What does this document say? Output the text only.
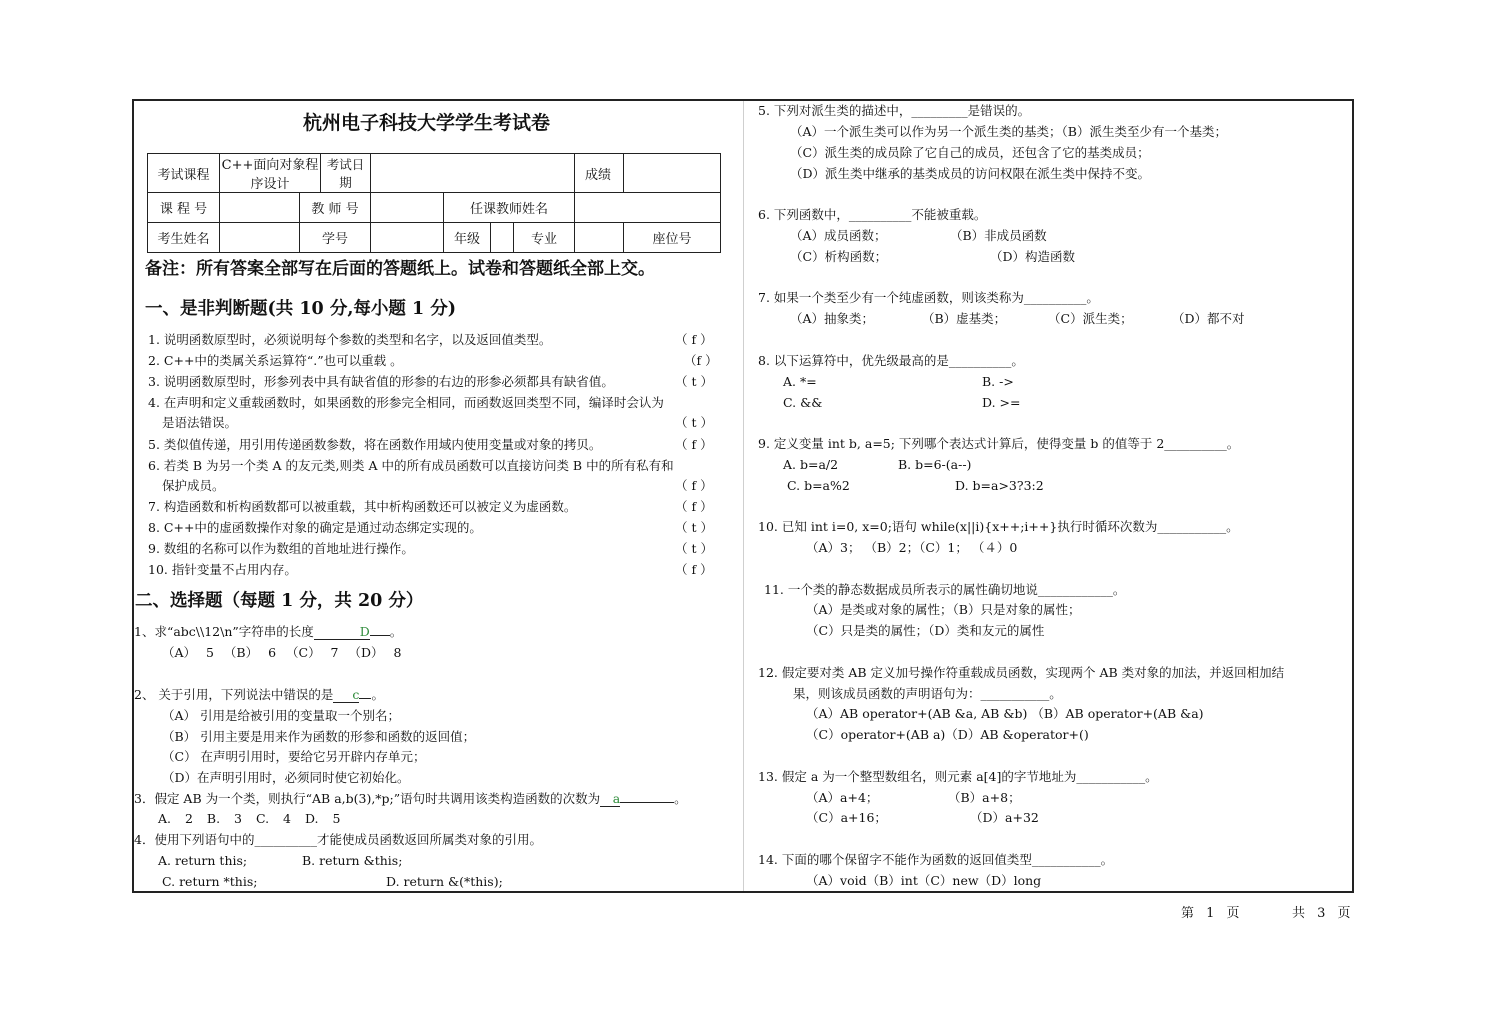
杭州电子科技大学学生考试卷
考试课程	C++面向对象程序设计		考试日期					成绩		
课 程 号		教 师 号			任课教师姓名					
考生姓名		学号			年级		专业		座位号	
备注：所有答案全部写在后面的答题纸上。试卷和答题纸全部上交。
一、是非判断题(共 10 分,每小题 1 分)
1. 说明函数原型时，必须说明每个参数的类型和名字，以及返回值类型。	（ f ）
2. C++中的类属关系运算符“.”也可以重载 。	（f ）
3. 说明函数原型时，形参列表中具有缺省值的形参的右边的形参必须都具有缺省值。	（ t ）
4. 在声明和定义重载函数时，如果函数的形参完全相同，而函数返回类型不同，编译时会认为
是语法错误。	（ t ）
5. 类似值传递，用引用传递函数参数，将在函数作用域内使用变量或对象的拷贝。	（ f ）
6. 若类 B 为另一个类 A 的友元类,则类 A 中的所有成员函数可以直接访问类 B 中的所有私有和
保护成员。	（ f ）
7. 构造函数和析构函数都可以被重载，其中析构函数还可以被定义为虚函数。	（ f ）
8. C++中的虚函数操作对象的确定是通过动态绑定实现的。	（ t ）
9. 数组的名称可以作为数组的首地址进行操作。	（ t ）
10. 指针变量不占用内存。	（ f ）
二、选择题（每题 1 分，共 20 分）
1、求“abc\\12\n”字符串的长度	D 。
（A） 5 （B） 6 （C） 7 （D） 8
2、 关于引用，下列说法中错误的是 c 。
（A） 引用是给被引用的变量取一个别名；
（B） 引用主要是用来作为函数的形参和函数的返回值；
（C） 在声明引用时，要给它另开辟内存单元；
（D）在声明引用时，必须同时使它初始化。
3．假定 AB 为一个类，则执行“AB a,b(3),*p;”语句时共调用该类构造函数的次数为 a	。
A. 2 B. 3 C. 4 D. 5
4．使用下列语句中的__________才能使成员函数返回所属类对象的引用。
A. return this;	B. return &this;
C. return *this;	D. return &(*this);
5. 下列对派生类的描述中，_________是错误的。
（A）一个派生类可以作为另一个派生类的基类；（B）派生类至少有一个基类；
（C）派生类的成员除了它自己的成员，还包含了它的基类成员；
（D）派生类中继承的基类成员的访问权限在派生类中保持不变。
6. 下列函数中，__________不能被重载。
（A）成员函数；	（B）非成员函数
（C）析构函数；	（D）构造函数
7. 如果一个类至少有一个纯虚函数，则该类称为__________。
（A）抽象类；	（B）虚基类；	（C）派生类；	（D）都不对
8. 以下运算符中，优先级最高的是__________。
A. *=	B. ->
C. &&	D. >=
9. 定义变量 int b, a=5; 下列哪个表达式计算后，使得变量 b 的值等于 2__________。
A. b=a/2	B. b=6-(a--)
C. b=a%2	D. b=a>3?3:2
10. 已知 int i=0, x=0;语句 while(x||i){x++;i++}执行时循环次数为___________。
（A）3； （B）2；（C）1； （４）0
11. 一个类的静态数据成员所表示的属性确切地说____________。
（A）是类或对象的属性；（B）只是对象的属性；
（C）只是类的属性；（D）类和友元的属性
12. 假定要对类 AB 定义加号操作符重载成员函数，实现两个 AB 类对象的加法，并返回相加结
果，则该成员函数的声明语句为：___________。
（A）AB operator+(AB &a, AB &b) （B）AB operator+(AB &a)
（C）operator+(AB a)（D）AB &operator+()
13. 假定 a 为一个整型数组名，则元素 a[4]的字节地址为___________。
（A）a+4；	（B）a+8；
（C）a+16；	（D）a+32
14. 下面的哪个保留字不能作为函数的返回值类型___________。
（A）void（B）int（C）new（D）long
第 1 页	共 3 页
